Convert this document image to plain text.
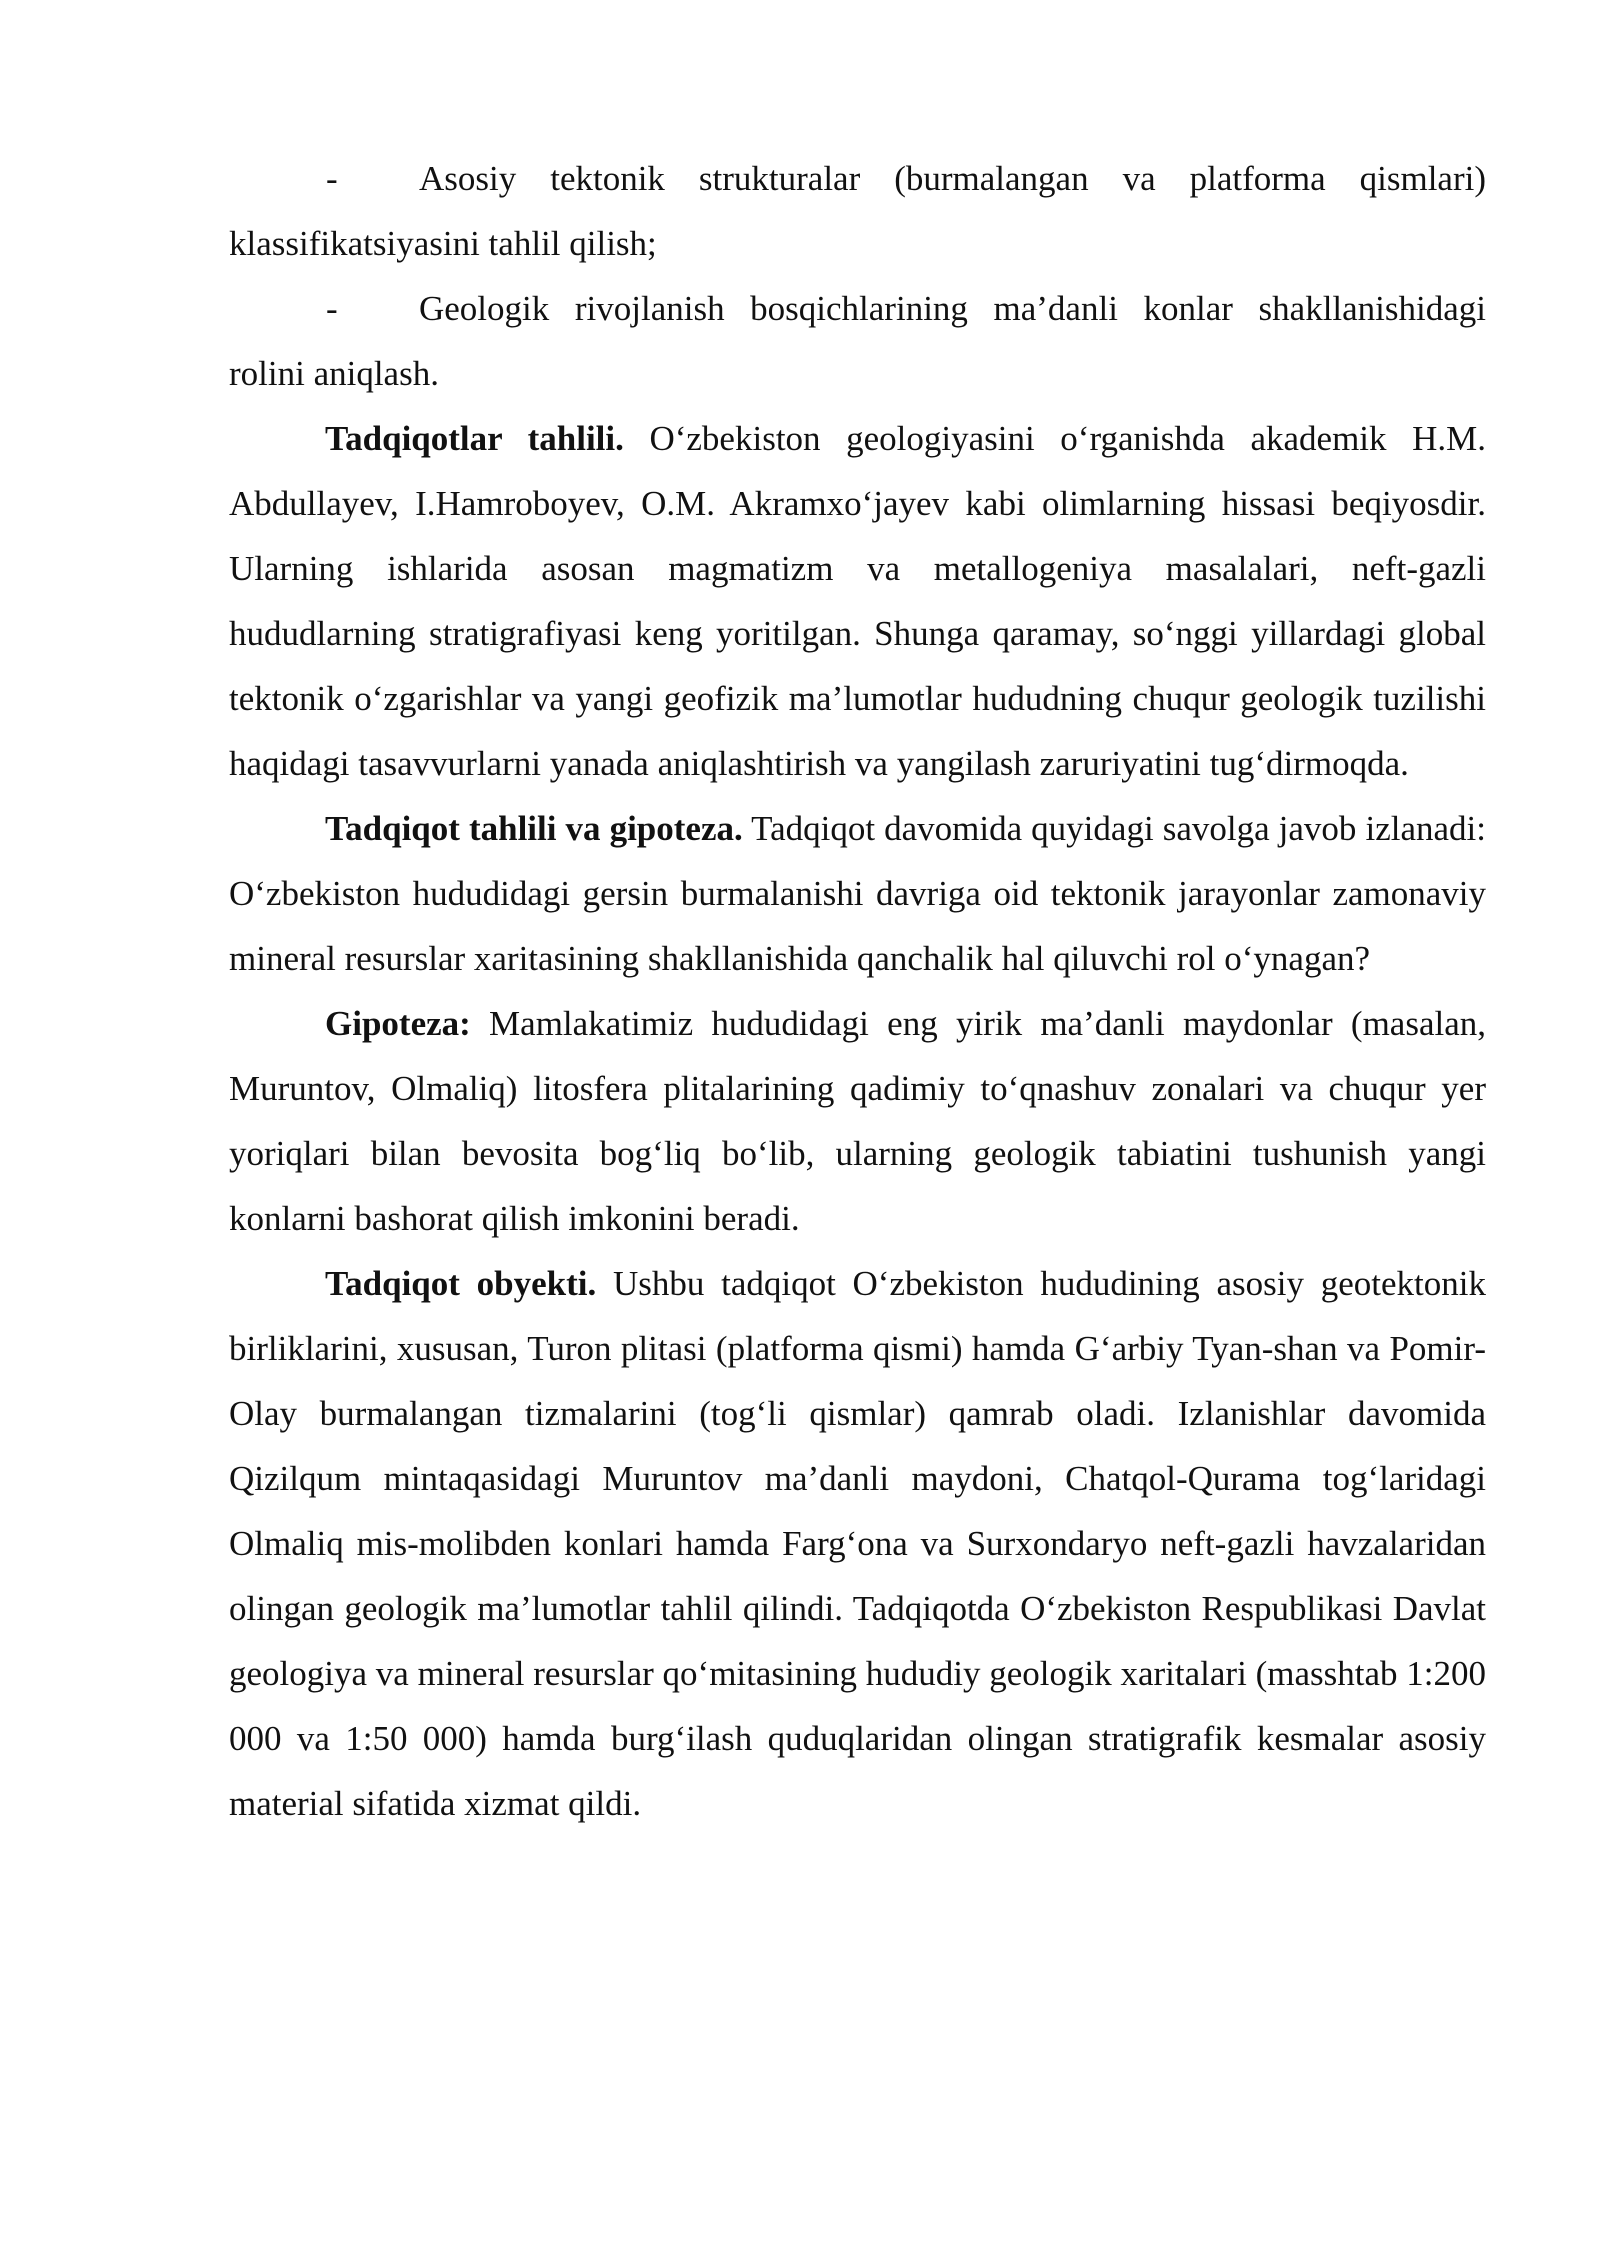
- Asosiy tektonik strukturalar (burmalangan va platforma qismlari)
klassifikatsiyasini tahlil qilish;
- Geologik rivojlanish bosqichlarining ma’danli konlar shakllanishidagi
rolini aniqlash.

Tadqiqotlar tahlili. O‘zbekiston geologiyasini o‘rganishda akademik H.M. Abdullayev, I.Hamroboyev, O.M. Akramxo‘jayev kabi olimlarning hissasi beqiyosdir. Ularning ishlarida asosan magmatizm va metallogeniya masalalari, neft-gazli hududlarning stratigrafiyasi keng yoritilgan. Shunga qaramay, so‘nggi yillardagi global tektonik o‘zgarishlar va yangi geofizik ma’lumotlar hududning chuqur geologik tuzilishi haqidagi tasavvurlarni yanada aniqlashtirish va yangilash zaruriyatini tug‘dirmoqda.

Tadqiqot tahlili va gipoteza. Tadqiqot davomida quyidagi savolga javob izlanadi: O‘zbekiston hududidagi gersin burmalanishi davriga oid tektonik jarayonlar zamonaviy mineral resurslar xaritasining shakllanishida qanchalik hal qiluvchi rol o‘ynagan?

Gipoteza: Mamlakatimiz hududidagi eng yirik ma’danli maydonlar (masalan, Muruntov, Olmaliq) litosfera plitalarining qadimiy to‘qnashuv zonalari va chuqur yer yoriqlari bilan bevosita bog‘liq bo‘lib, ularning geologik tabiatini tushunish yangi konlarni bashorat qilish imkonini beradi.

Tadqiqot obyekti. Ushbu tadqiqot O‘zbekiston hududining asosiy geotektonik birliklarini, xususan, Turon plitasi (platforma qismi) hamda G‘arbiy Tyan-shan va Pomir-Olay burmalangan tizmalarini (tog‘li qismlar) qamrab oladi. Izlanishlar davomida Qizilqum mintaqasidagi Muruntov ma’danli maydoni, Chatqol-Qurama tog‘laridagi Olmaliq mis-molibden konlari hamda Farg‘ona va Surxondaryo neft-gazli havzalaridan olingan geologik ma’lumotlar tahlil qilindi. Tadqiqotda O‘zbekiston Respublikasi Davlat geologiya va mineral resurslar qo‘mitasining hududiy geologik xaritalari (masshtab 1:200 000 va 1:50 000) hamda burg‘ilash quduqlaridan olingan stratigrafik kesmalar asosiy material sifatida xizmat qildi.
